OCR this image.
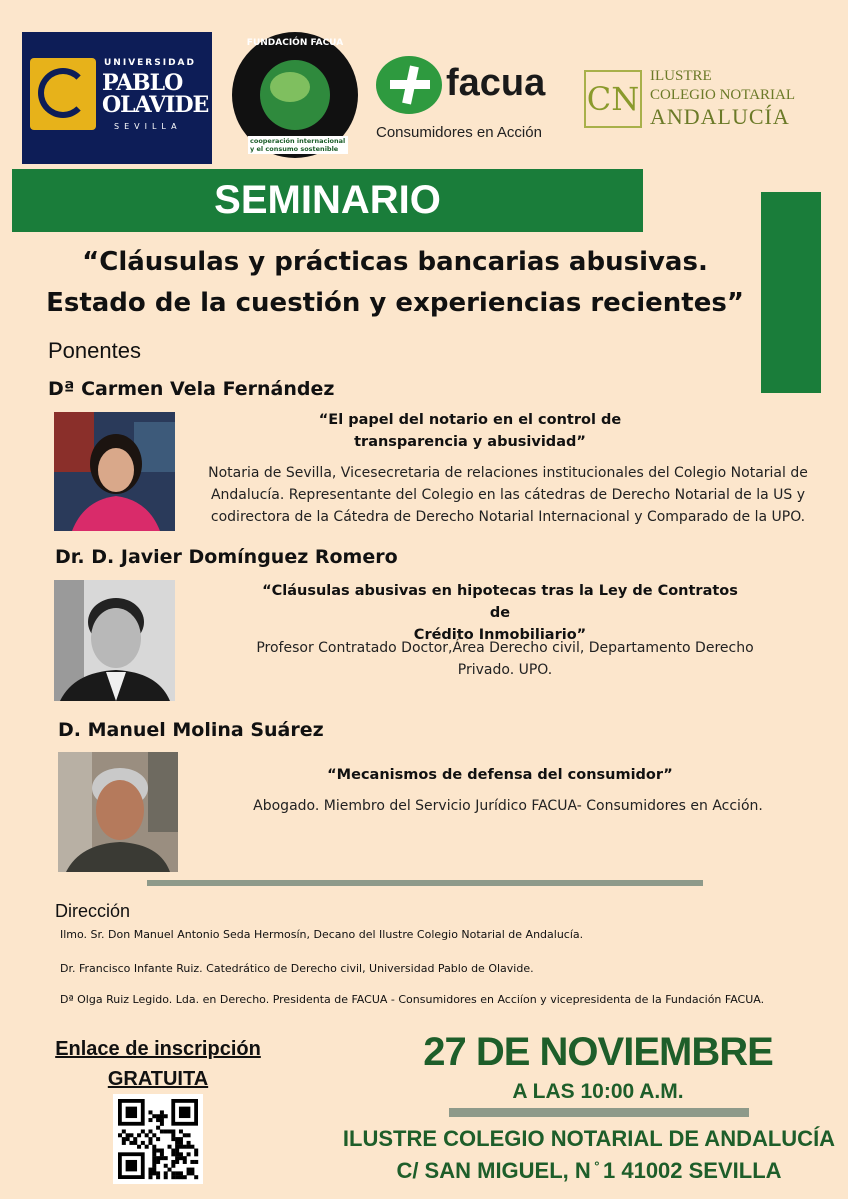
UNIVERSIDAD
PABLO
OLAVIDE
SEVILLA
FUNDACIÓN FACUA
cooperación internacional y el consumo sostenible
facua
Consumidores en Acción
CN
ILUSTRE
COLEGIO NOTARIAL
ANDALUCÍA
SEMINARIO
“Cláusulas y prácticas bancarias abusivas.
Estado de la cuestión y experiencias recientes”
Ponentes
Dª Carmen Vela Fernández
“El papel del notario en el control de
transparencia y abusividad”
Notaria de Sevilla, Vicesecretaria de relaciones institucionales del Colegio Notarial de
Andalucía. Representante del Colegio en las cátedras de Derecho Notarial de la US y
codirectora de la Cátedra de Derecho Notarial Internacional y Comparado de la UPO.
Dr. D. Javier Domínguez Romero
“Cláusulas abusivas en hipotecas tras la Ley de Contratos de
Crédito Inmobiliario”
Profesor Contratado Doctor,Área Derecho civil, Departamento Derecho
Privado. UPO.
D. Manuel Molina Suárez
“Mecanismos de defensa del consumidor”
Abogado. Miembro del Servicio Jurídico FACUA- Consumidores en Acción.
Dirección
Ilmo. Sr. Don Manuel Antonio Seda Hermosín, Decano del Ilustre Colegio Notarial de Andalucía.
Dr. Francisco Infante Ruiz. Catedrático de Derecho civil, Universidad Pablo de Olavide.
Dª Olga Ruiz Legido. Lda. en Derecho. Presidenta de FACUA - Consumidores en Acciíon y vicepresidenta de la Fundación FACUA.
Enlace de inscripción
GRATUITA
27 DE NOVIEMBRE
A LAS 10:00 A.M.
ILUSTRE COLEGIO NOTARIAL DE ANDALUCÍA
C/ SAN MIGUEL, N ̊ 1 41002 SEVILLA
